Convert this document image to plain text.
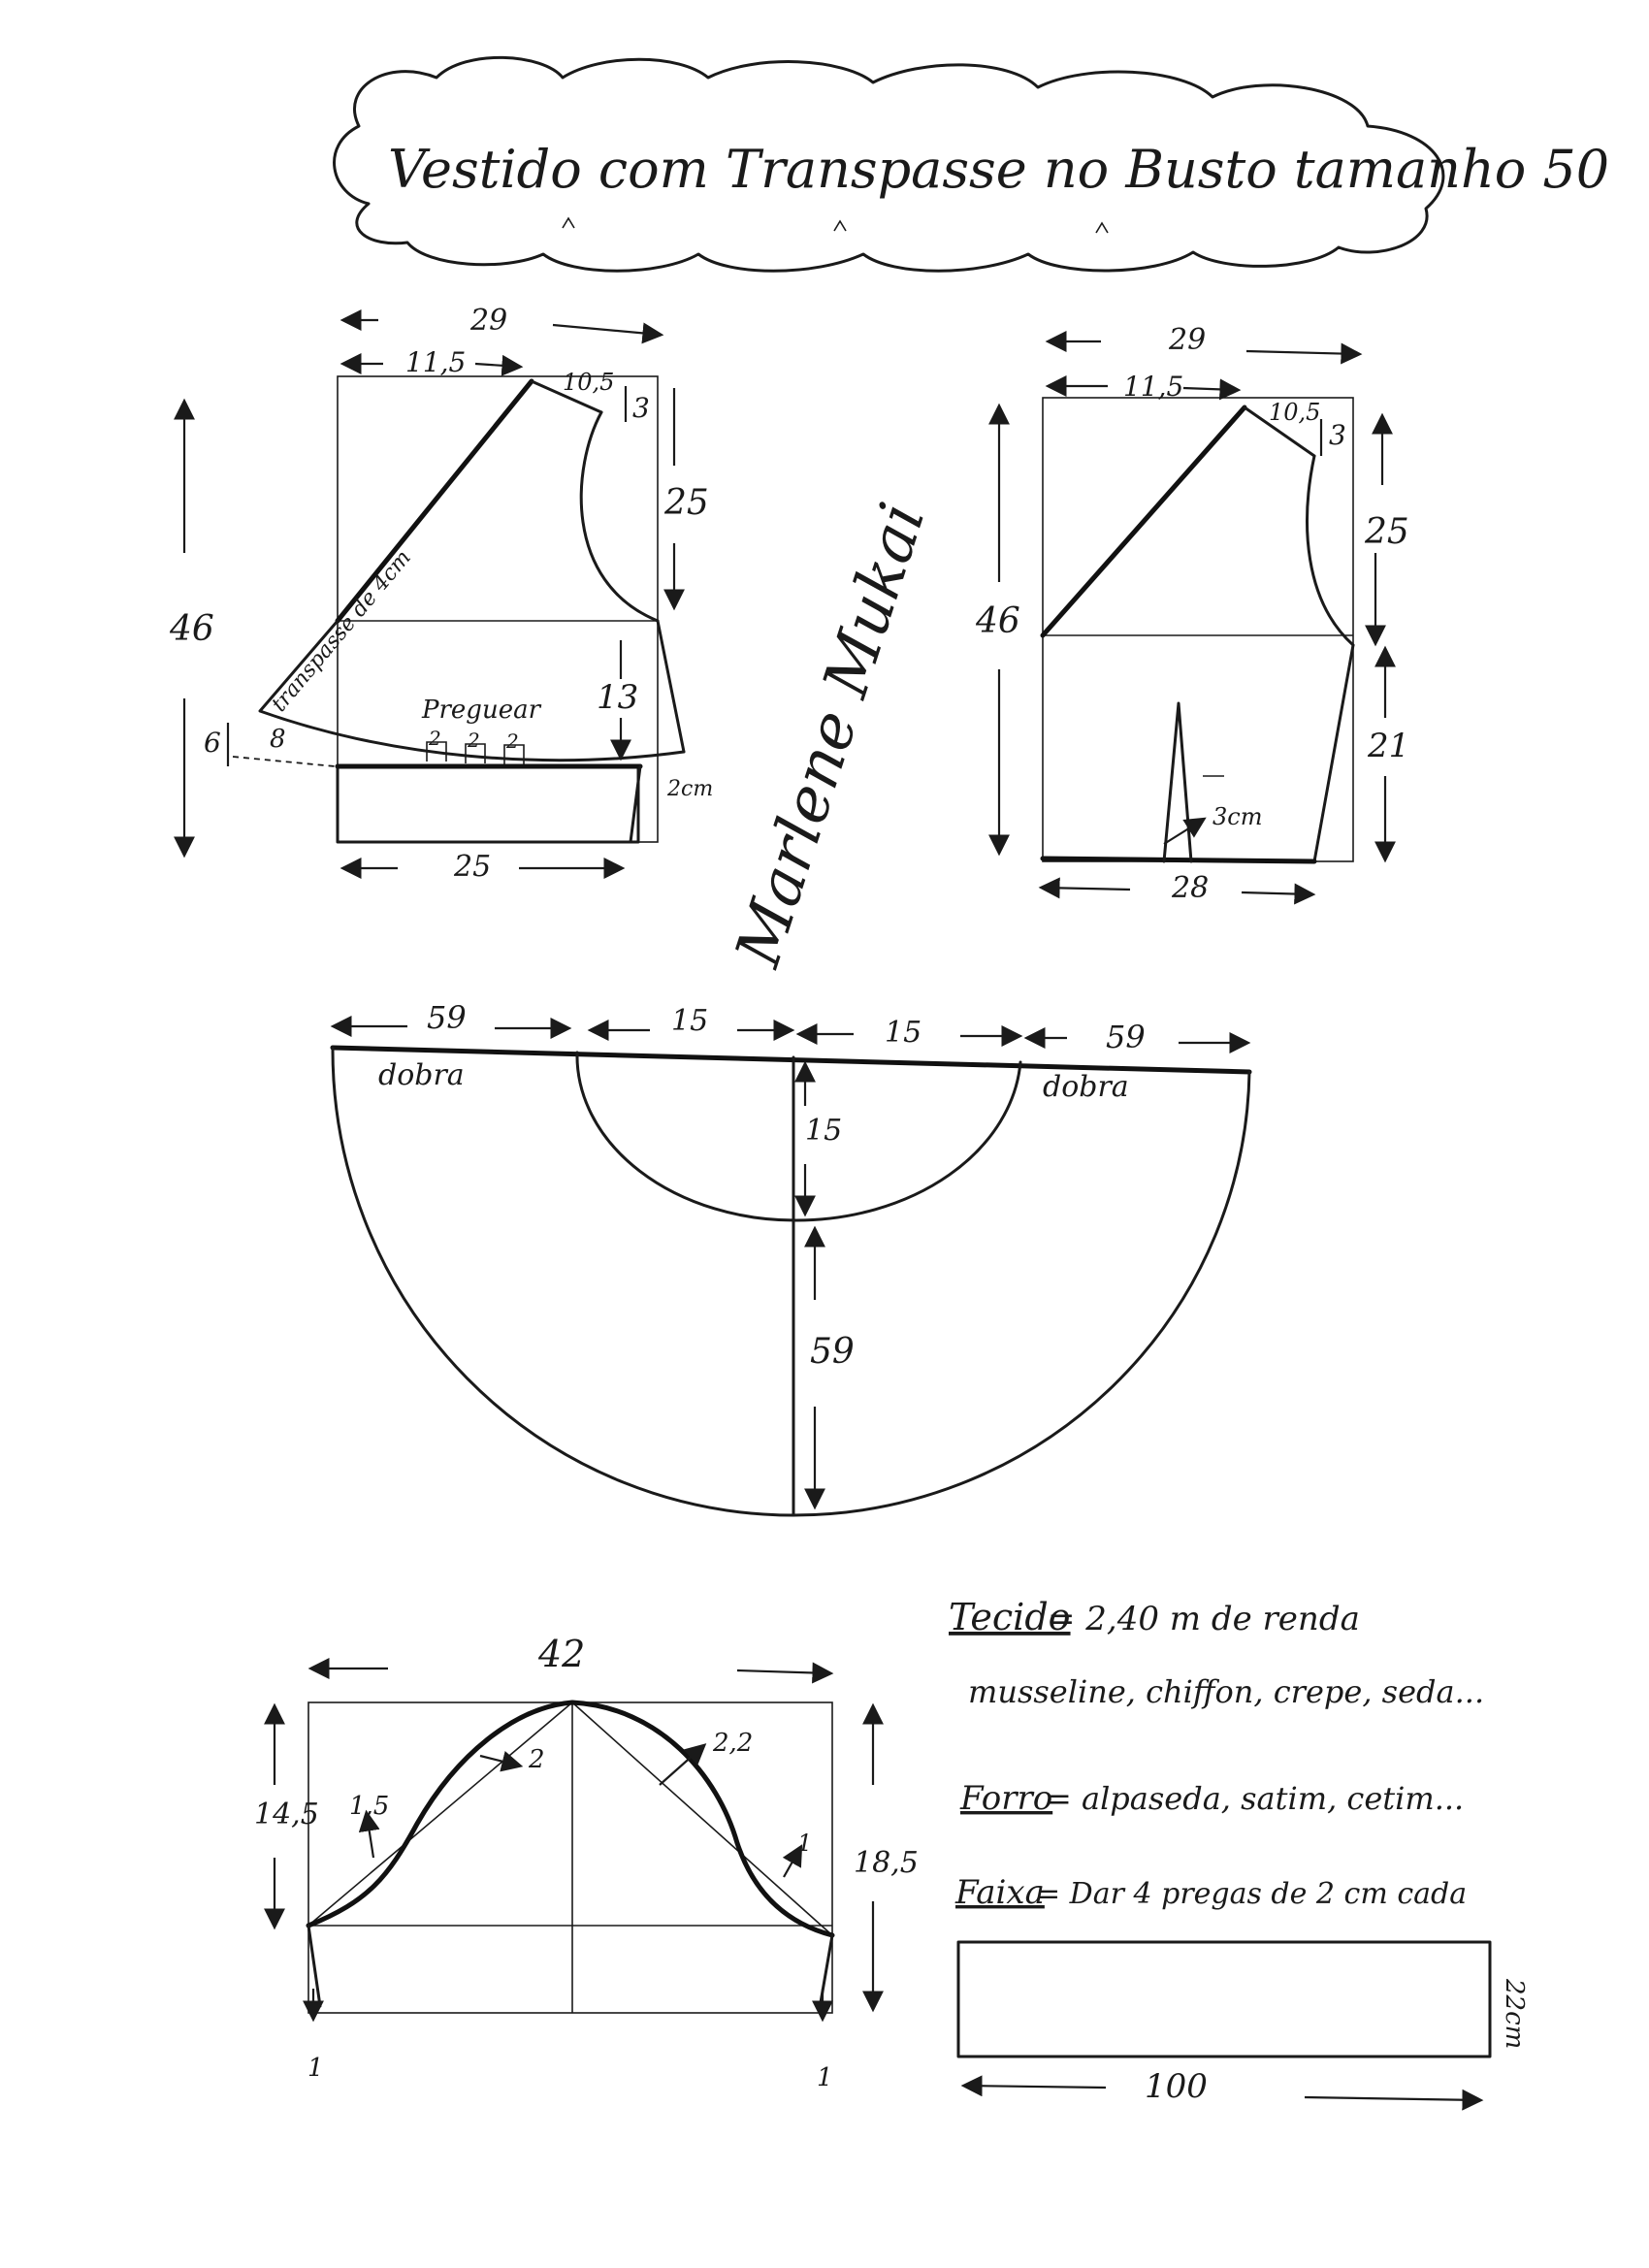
Vestido com Transpasse no Busto tamanho 50
29
11,5
10,5
3
25
46
13
transpasse de 4cm Preguear
2 2 2
6 8
2cm
25	Marlene Mukai
29
11,5
10,5
3
25
46
21
3cm
28
59	15	15	59
dobra	dobra
15
59
42
14,5
18,5
1,5
2
2,2
1
1	1
Tecido
= 2,40 m de renda
musseline, chiffon, crepe, seda...
Forro
= alpaseda, satim, cetim...
Faixa
= Dar 4 pregas de 2 cm cada
100
22cm
